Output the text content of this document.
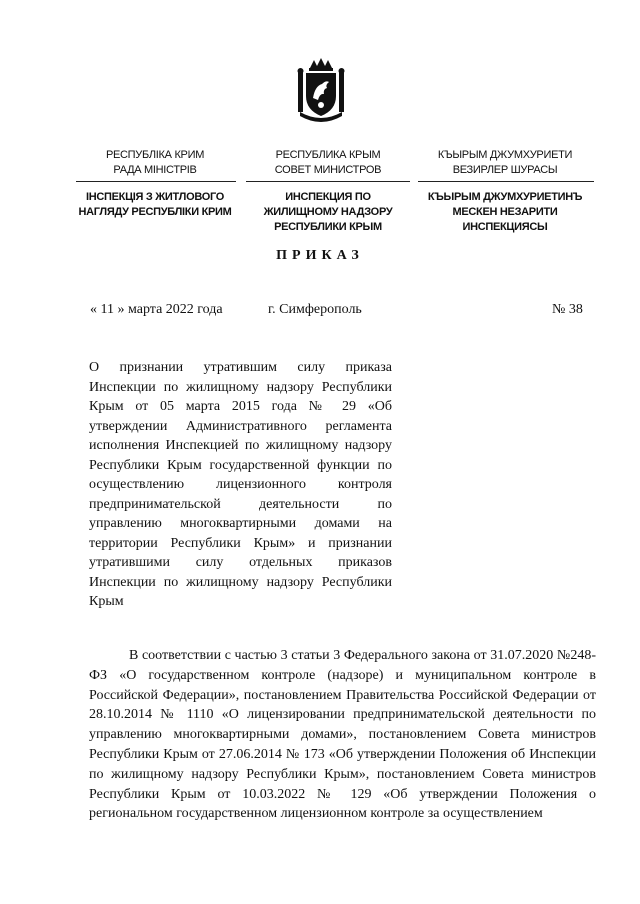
РЕСПУБЛІКА КРИМ
РАДА МІНІСТРІВ
РЕСПУБЛИКА КРЫМ
СОВЕТ МИНИСТРОВ
КЪЫРЫМ ДЖУМХУРИЕТИ
ВЕЗИРЛЕР ШУРАСЫ
ІНСПЕКЦІЯ З ЖИТЛОВОГО НАГЛЯДУ РЕСПУБЛІКИ КРИМ
ИНСПЕКЦИЯ ПО ЖИЛИЩНОМУ НАДЗОРУ РЕСПУБЛИКИ КРЫМ
КЪЫРЫМ ДЖУМХУРИЕТИНЪ МЕСКЕН НЕЗАРИТИ ИНСПЕКЦИЯСЫ
ПРИКАЗ
« 11 » марта 2022 года	г. Симферополь	№ 38
О признании утратившим силу приказа Инспекции по жилищному надзору Республики Крым от 05 марта 2015 года № 29 «Об утверждении Административного регламента исполнения Инспекцией по жилищному надзору Республики Крым государственной функции по осуществлению лицензионного контроля предпринимательской деятельности по управлению многоквартирными домами на территории Республики Крым» и признании утратившими силу отдельных приказов Инспекции по жилищному надзору Республики Крым
В соответствии с частью 3 статьи 3 Федерального закона от 31.07.2020 №248-ФЗ «О государственном контроле (надзоре) и муниципальном контроле в Российской Федерации», постановлением Правительства Российской Федерации от 28.10.2014 № 1110 «О лицензировании предпринимательской деятельности по управлению многоквартирными домами», постановлением Совета министров Республики Крым от 27.06.2014 № 173 «Об утверждении Положения об Инспекции по жилищному надзору Республики Крым», постановлением Совета министров Республики Крым от 10.03.2022 № 129 «Об утверждении Положения о региональном государственном лицензионном контроле за осуществлением
